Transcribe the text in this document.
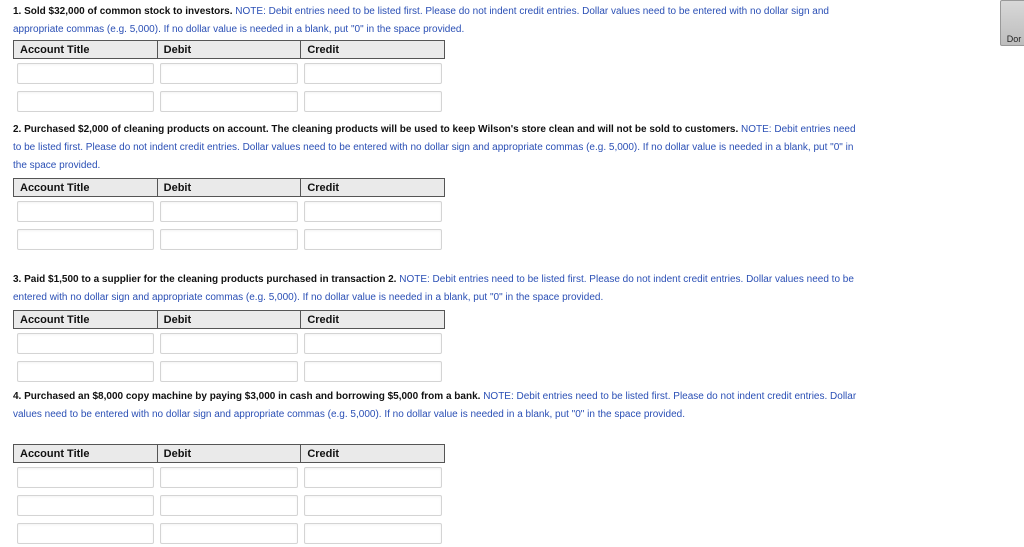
Dor
1. Sold $32,000 of common stock to investors. NOTE: Debit entries need to be listed first. Please do not indent credit entries. Dollar values need to be entered with no dollar sign and appropriate commas (e.g. 5,000). If no dollar value is needed in a blank, put "0" in the space provided.
Account Title	Debit	Credit

2. Purchased $2,000 of cleaning products on account. The cleaning products will be used to keep Wilson's store clean and will not be sold to customers. NOTE: Debit entries need to be listed first. Please do not indent credit entries. Dollar values need to be entered with no dollar sign and appropriate commas (e.g. 5,000). If no dollar value is needed in a blank, put "0" in the space provided.
Account Title	Debit	Credit

3. Paid $1,500 to a supplier for the cleaning products purchased in transaction 2. NOTE: Debit entries need to be listed first. Please do not indent credit entries. Dollar values need to be entered with no dollar sign and appropriate commas (e.g. 5,000). If no dollar value is needed in a blank, put "0" in the space provided.
Account Title	Debit	Credit

4. Purchased an $8,000 copy machine by paying $3,000 in cash and borrowing $5,000 from a bank. NOTE: Debit entries need to be listed first. Please do not indent credit entries. Dollar values need to be entered with no dollar sign and appropriate commas (e.g. 5,000). If no dollar value is needed in a blank, put "0" in the space provided.
Account Title	Debit	Credit
